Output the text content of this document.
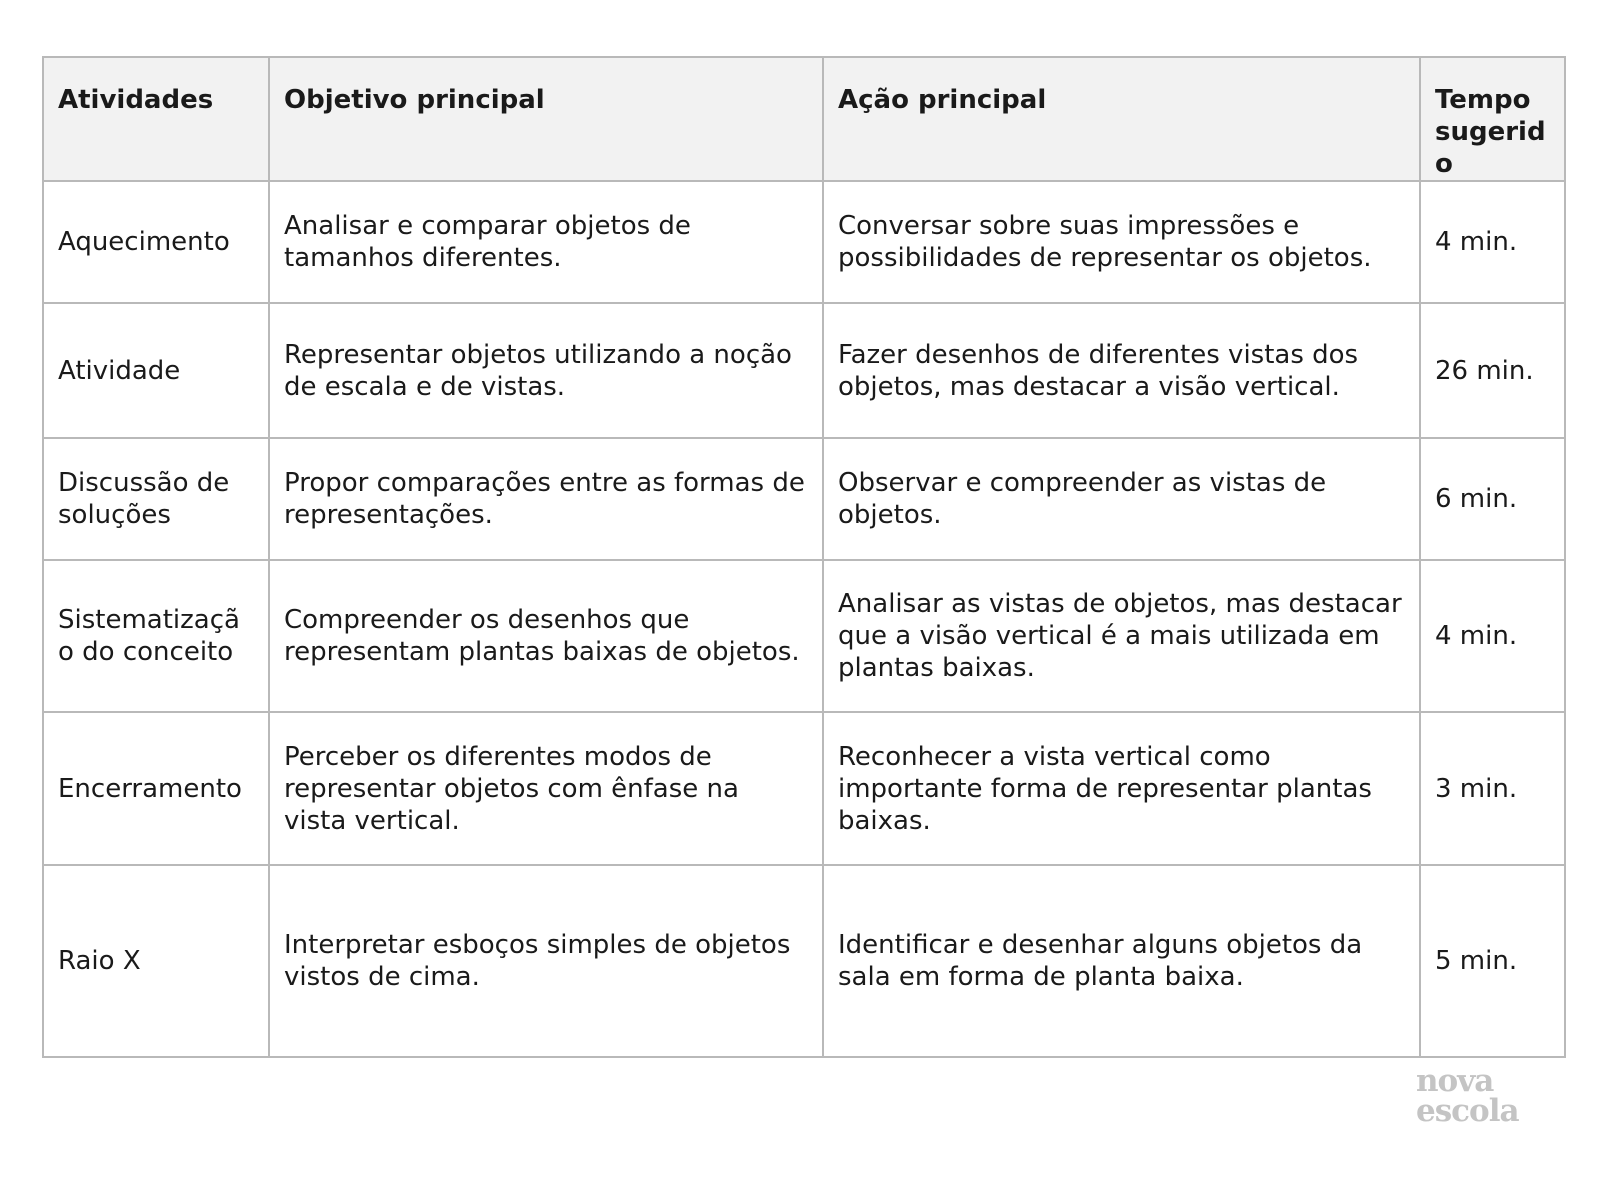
Atividades	Objetivo principal	Ação principal	Tempo sugerido
Aquecimento	Analisar e comparar objetos de tamanhos diferentes.	Conversar sobre suas impressões e possibilidades de representar os objetos.	4 min.
Atividade	Representar objetos utilizando a noção de escala e de vistas.	Fazer desenhos de diferentes vistas dos objetos, mas destacar a visão vertical.	26 min.
Discussão de soluções	Propor comparações entre as formas de representações.	Observar e compreender as vistas de objetos.	6 min.
Sistematização do conceito	Compreender os desenhos que representam plantas baixas de objetos.	Analisar as vistas de objetos, mas destacar que a visão vertical é a mais utilizada em plantas baixas.	4 min.
Encerramento	Perceber os diferentes modos de representar objetos com ênfase na vista vertical.	Reconhecer a vista vertical como importante forma de representar plantas baixas.	3 min.
Raio X	Interpretar esboços simples de objetos vistos de cima.	Identificar e desenhar alguns objetos da sala em forma de planta baixa.	5 min.
nova
escola
